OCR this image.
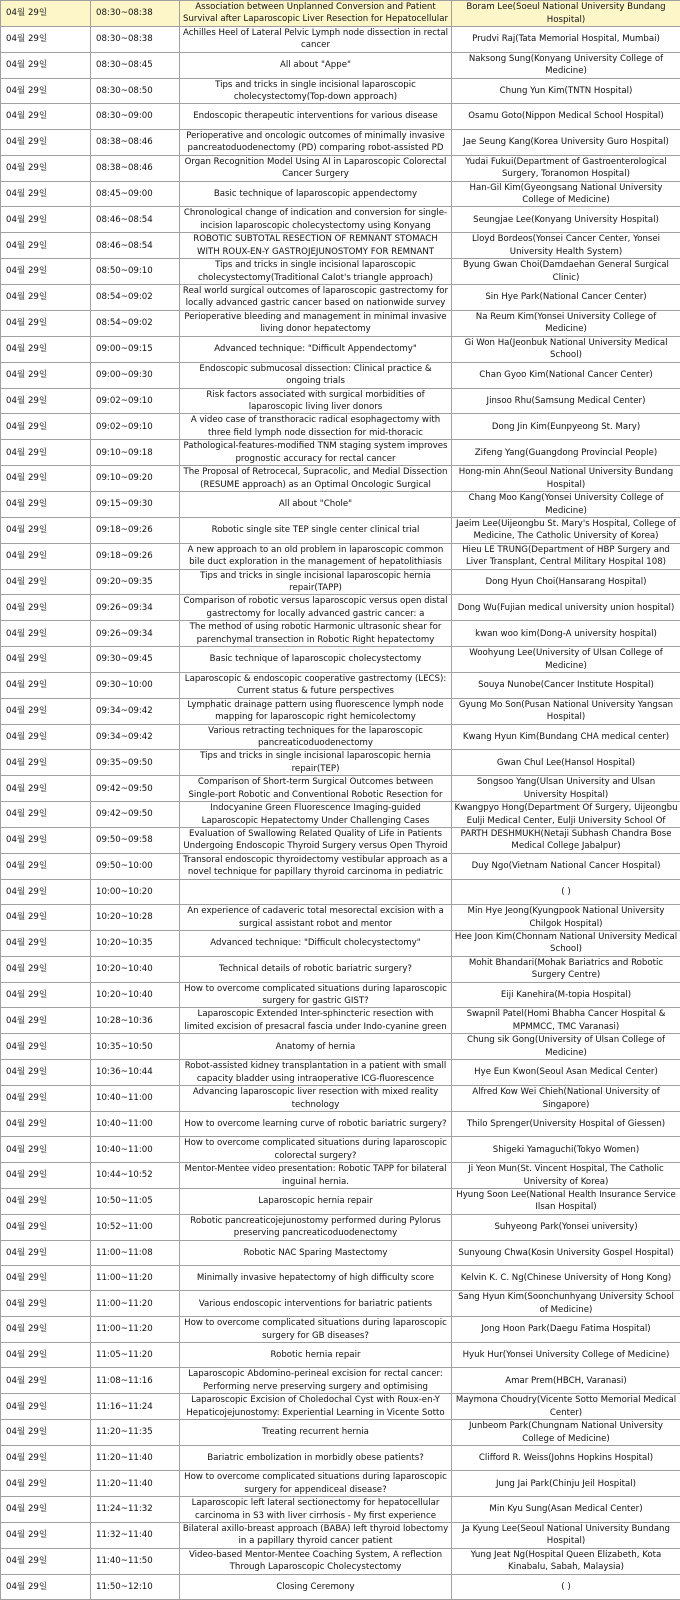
04월 29일	08:30~08:38	Association between Unplanned Conversion and Patient Survival after Laparoscopic Liver Resection for Hepatocellular	Boram Lee(Soeul National University Bundang Hospital)

04월 29일	08:30~08:38	Achilles Heel of Lateral Pelvic Lymph node dissection in rectal cancer	Prudvi Raj(Tata Memorial Hospital, Mumbai)

04월 29일	08:30~08:45	All about "Appe"	Naksong Sung(Konyang University College of Medicine)

04월 29일	08:30~08:50	Tips and tricks in single incisional laparoscopic cholecystectomy(Top-down approach)	Chung Yun Kim(TNTN Hospital)

04월 29일	08:30~09:00	Endoscopic therapeutic interventions for various disease	Osamu Goto(Nippon Medical School Hospital)

04월 29일	08:38~08:46	Perioperative and oncologic outcomes of minimally invasive pancreatoduodenectomy (PD) comparing robot-assisted PD	Jae Seung Kang(Korea University Guro Hospital)

04월 29일	08:38~08:46	Organ Recognition Model Using AI in Laparoscopic Colorectal Cancer Surgery	Yudai Fukui(Department of Gastroenterological Surgery, Toranomon Hospital)

04월 29일	08:45~09:00	Basic technique of laparoscopic appendectomy	Han-Gil Kim(Gyeongsang National University College of Medicine)

04월 29일	08:46~08:54	Chronological change of indication and conversion for single-incision laparoscopic cholecystectomy using Konyang	Seungjae Lee(Konyang University Hospital)

04월 29일	08:46~08:54	ROBOTIC SUBTOTAL RESECTION OF REMNANT STOMACH WITH ROUX-EN-Y GASTROJEJUNOSTOMY FOR REMNANT	Lloyd Bordeos(Yonsei Cancer Center, Yonsei University Health System)

04월 29일	08:50~09:10	Tips and tricks in single incisional laparoscopic cholecystectomy(Traditional Calot's triangle approach)	Byung Gwan Choi(Damdaehan General Surgical Clinic)

04월 29일	08:54~09:02	Real world surgical outcomes of laparoscopic gastrectomy for locally advanced gastric cancer based on nationwide survey	Sin Hye Park(National Cancer Center)

04월 29일	08:54~09:02	Perioperative bleeding and management in minimal invasive living donor hepatectomy	Na Reum Kim(Yonsei University College of Medicine)

04월 29일	09:00~09:15	Advanced technique: "Difficult Appendectomy"	Gi Won Ha(Jeonbuk National University Medical School)

04월 29일	09:00~09:30	Endoscopic submucosal dissection: Clinical practice & ongoing trials	Chan Gyoo Kim(National Cancer Center)

04월 29일	09:02~09:10	Risk factors associated with surgical morbidities of laparoscopic living liver donors	Jinsoo Rhu(Samsung Medical Center)

04월 29일	09:02~09:10	A video case of transthoracic radical esophagectomy with three field lymph node dissection for mid-thoracic	Dong Jin Kim(Eunpyeong St. Mary)

04월 29일	09:10~09:18	Pathological-features-modified TNM staging system improves prognostic accuracy for rectal cancer	Zifeng Yang(Guangdong Provincial People)

04월 29일	09:10~09:20	The Proposal of Retrocecal, Supracolic, and Medial Dissection (RESUME approach) as an Optimal Oncologic Surgical	Hong-min Ahn(Seoul National University Bundang Hospital)

04월 29일	09:15~09:30	All about "Chole"	Chang Moo Kang(Yonsei University College of Medicine)

04월 29일	09:18~09:26	Robotic single site TEP single center clinical trial	Jaeim Lee(Uijeongbu St. Mary's Hospital, College of Medicine, The Catholic University of Korea)

04월 29일	09:18~09:26	A new approach to an old problem in laparoscopic common bile duct exploration in the management of hepatolithiasis	Hieu LE TRUNG(Department of HBP Surgery and Liver Transplant, Central Military Hospital 108)

04월 29일	09:20~09:35	Tips and tricks in single incisional laparoscopic hernia repair(TAPP)	Dong Hyun Choi(Hansarang Hospital)

04월 29일	09:26~09:34	Comparison of robotic versus laparoscopic versus open distal gastrectomy for locally advanced gastric cancer: a	Dong Wu(Fujian medical university union hospital)

04월 29일	09:26~09:34	The method of using robotic Harmonic ultrasonic shear for parenchymal transection in Robotic Right hepatectomy	kwan woo kim(Dong-A university hospital)

04월 29일	09:30~09:45	Basic technique of laparoscopic cholecystectomy	Woohyung Lee(University of Ulsan College of Medicine)

04월 29일	09:30~10:00	Laparoscopic & endoscopic cooperative gastrectomy (LECS): Current status & future perspectives	Souya Nunobe(Cancer Institute Hospital)

04월 29일	09:34~09:42	Lymphatic drainage pattern using fluorescence lymph node mapping for laparoscopic right hemicolectomy	Gyung Mo Son(Pusan National University Yangsan Hospital)

04월 29일	09:34~09:42	Various retracting techniques for the laparoscopic pancreaticoduodenectomy	Kwang Hyun Kim(Bundang CHA medical center)

04월 29일	09:35~09:50	Tips and tricks in single incisional laparoscopic hernia repair(TEP)	Gwan Chul Lee(Hansol Hospital)

04월 29일	09:42~09:50	Comparison of Short-term Surgical Outcomes between Single-port Robotic and Conventional Robotic Resection for	Songsoo Yang(Ulsan University and Ulsan University Hospital)

04월 29일	09:42~09:50	Indocyanine Green Fluorescence Imaging-guided Laparoscopic Hepatectomy Under Challenging Cases	Kwangpyo Hong(Department Of Surgery, Uijeongbu Eulji Medical Center, Eulji University School Of

04월 29일	09:50~09:58	Evaluation of Swallowing Related Quality of Life in Patients Undergoing Endoscopic Thyroid Surgery versus Open Thyroid	PARTH DESHMUKH(Netaji Subhash Chandra Bose Medical College Jabalpur)

04월 29일	09:50~10:00	Transoral endoscopic thyroidectomy vestibular approach as a novel technique for papillary thyroid carcinoma in pediatric	Duy Ngo(Vietnam National Cancer Hospital)

04월 29일	10:00~10:20		( )

04월 29일	10:20~10:28	An experience of cadaveric total mesorectal excision with a surgical assistant robot and mentor	Min Hye Jeong(Kyungpook National University Chilgok Hospital)

04월 29일	10:20~10:35	Advanced technique: "Difficult cholecystectomy"	Hee Joon Kim(Chonnam National University Medical School)

04월 29일	10:20~10:40	Technical details of robotic bariatric surgery?	Mohit Bhandari(Mohak Bariatrics and Robotic Surgery Centre)

04월 29일	10:20~10:40	How to overcome complicated situations during laparoscopic surgery for gastric GIST?	Eiji Kanehira(M-topia Hospital)

04월 29일	10:28~10:36	Laparoscopic Extended Inter-sphincteric resection with limited excision of presacral fascia under Indo-cyanine green	Swapnil Patel(Homi Bhabha Cancer Hospital & MPMMCC, TMC Varanasi)

04월 29일	10:35~10:50	Anatomy of hernia	Chung sik Gong(University of Ulsan College of Medicine)

04월 29일	10:36~10:44	Robot-assisted kidney transplantation in a patient with small capacity bladder using intraoperative ICG-fluorescence	Hye Eun Kwon(Seoul Asan Medical Center)

04월 29일	10:40~11:00	Advancing laparoscopic liver resection with mixed reality technology	Alfred Kow Wei Chieh(National University of Singapore)

04월 29일	10:40~11:00	How to overcome learning curve of robotic bariatric surgery?	Thilo Sprenger(University Hospital of Giessen)

04월 29일	10:40~11:00	How to overcome complicated situations during laparoscopic colorectal surgery?	Shigeki Yamaguchi(Tokyo Women)

04월 29일	10:44~10:52	Mentor-Mentee video presentation: Robotic TAPP for bilateral inguinal hernia.	Ji Yeon Mun(St. Vincent Hospital, The Catholic University of Korea)

04월 29일	10:50~11:05	Laparoscopic hernia repair	Hyung Soon Lee(National Health Insurance Service Ilsan Hospital)

04월 29일	10:52~11:00	Robotic pancreaticojejunostomy performed during Pylorus preserving pancreaticoduodenectomy	Suhyeong Park(Yonsei university)

04월 29일	11:00~11:08	Robotic NAC Sparing Mastectomy	Sunyoung Chwa(Kosin University Gospel Hospital)

04월 29일	11:00~11:20	Minimally invasive hepatectomy of high difficulty score	Kelvin K. C. Ng(Chinese University of Hong Kong)

04월 29일	11:00~11:20	Various endoscopic interventions for bariatric patients	Sang Hyun Kim(Soonchunhyang University School of Medicine)

04월 29일	11:00~11:20	How to overcome complicated situations during laparoscopic surgery for GB diseases?	Jong Hoon Park(Daegu Fatima Hospital)

04월 29일	11:05~11:20	Robotic hernia repair	Hyuk Hur(Yonsei University College of Medicine)

04월 29일	11:08~11:16	Laparoscopic Abdomino-perineal excision for rectal cancer: Performing nerve preserving surgery and optimising	Amar Prem(HBCH, Varanasi)

04월 29일	11:16~11:24	Laparoscopic Excision of Choledochal Cyst with Roux-en-Y Hepaticojejunostomy: Experiential Learning in Vicente Sotto	Maymona Choudry(Vicente Sotto Memorial Medical Center)

04월 29일	11:20~11:35	Treating recurrent hernia	Junbeom Park(Chungnam National University College of Medicine)

04월 29일	11:20~11:40	Bariatric embolization in morbidly obese patients?	Clifford R. Weiss(Johns Hopkins Hospital)

04월 29일	11:20~11:40	How to overcome complicated situations during laparoscopic surgery for appendiceal disease?	Jung Jai Park(Chinju Jeil Hospital)

04월 29일	11:24~11:32	Laparoscopic left lateral sectionectomy for hepatocellular carcinoma in S3 with liver cirrhosis - My first experience	Min Kyu Sung(Asan Medical Center)

04월 29일	11:32~11:40	Bilateral axillo-breast approach (BABA) left thyroid lobectomy in a papillary thyroid cancer patient	Ja Kyung Lee(Seoul National University Bundang Hospital)

04월 29일	11:40~11:50	Video-based Mentor-Mentee Coaching System, A reflection Through Laparoscopic Cholecystectomy	Yung Jeat Ng(Hospital Queen Elizabeth, Kota Kinabalu, Sabah, Malaysia)

04월 29일	11:50~12:10	Closing Ceremony	( )
